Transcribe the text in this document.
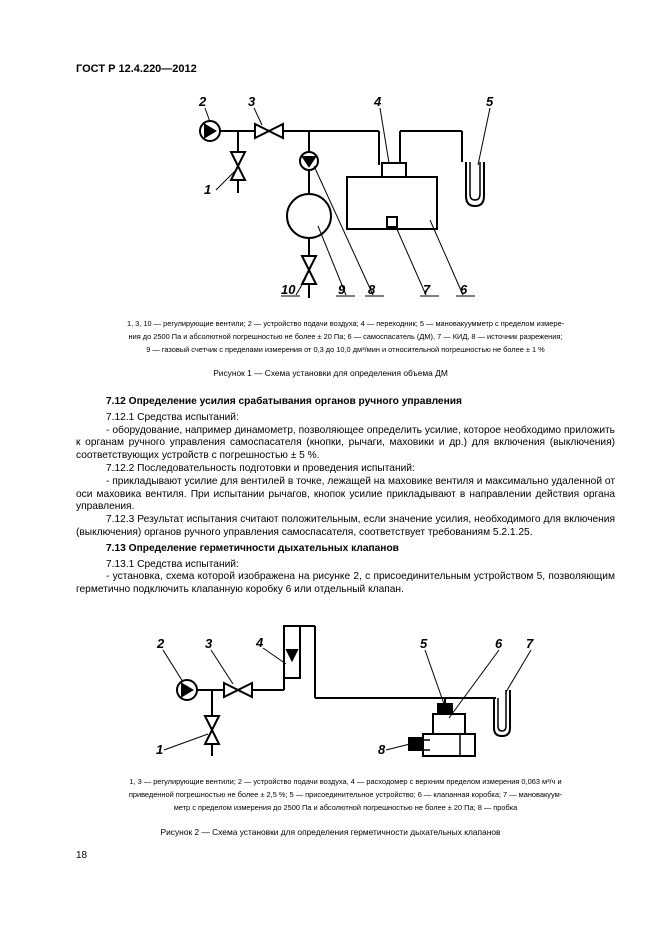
ГОСТ Р 12.4.220—2012
2	3
1
4	5
10	9 8	7 6
1, 3, 10 — регулирующие вентили; 2 — устройство подачи воздуха; 4 — переходник; 5 — мановакуумметр с пределом измере-
ния до 2500 Па и абсолютной погрешностью не более ± 20 Па; 6 — самоспасатель (ДМ), 7 — КИД, 8 — источник разрежения;
9 — газовый счетчик с пределами измерения от 0,3 до 10,0 дм³/мин и относительной погрешностью не более ± 1 %
Рисунок 1 — Схема установки для определения объема ДМ

7.12 Определение усилия срабатывания органов ручного управления

7.12.1 Средства испытаний:

- оборудование, например динамометр, позволяющее определить усилие, которое необходимо приложить к органам ручного управления самоспасателя (кнопки, рычаги, маховики и др.) для включения (выключения) соответствующих устройств с погрешностью ± 5 %.

7.12.2 Последовательность подготовки и проведения испытаний:

- прикладывают усилие для вентилей в точке, лежащей на маховике вентиля и максимально удаленной от оси маховика вентиля. При испытании рычагов, кнопок усилие прикладывают в направлении действия органа управления.

7.12.3 Результат испытания считают положительным, если значение усилия, необходимого для включения (выключения) органов ручного управления самоспасателя, соответствует требованиям 5.2.1.25.

7.13 Определение герметичности дыхательных клапанов

7.13.1 Средства испытаний:

- установка, схема которой изображена на рисунке 2, с присоединительным устройством 5, позволяющим герметично подключить клапанную коробку 6 или отдельный клапан.

2	3	4	5	6 7
1	8
1, 3 — регулирующие вентили; 2 — устройство подачи воздуха, 4 — расходомер с верхним пределом измерения 0,063 м³/ч и
приведенной погрешностью не более ± 2,5 %; 5 — присоединительное устройство; 6 — клапанная коробка; 7 — мановакуум-
метр с пределом измерения до 2500 Па и абсолютной погрешностью не более ± 20 Па; 8 — пробка
Рисунок 2 — Схема установки для определения герметичности дыхательных клапанов
18
